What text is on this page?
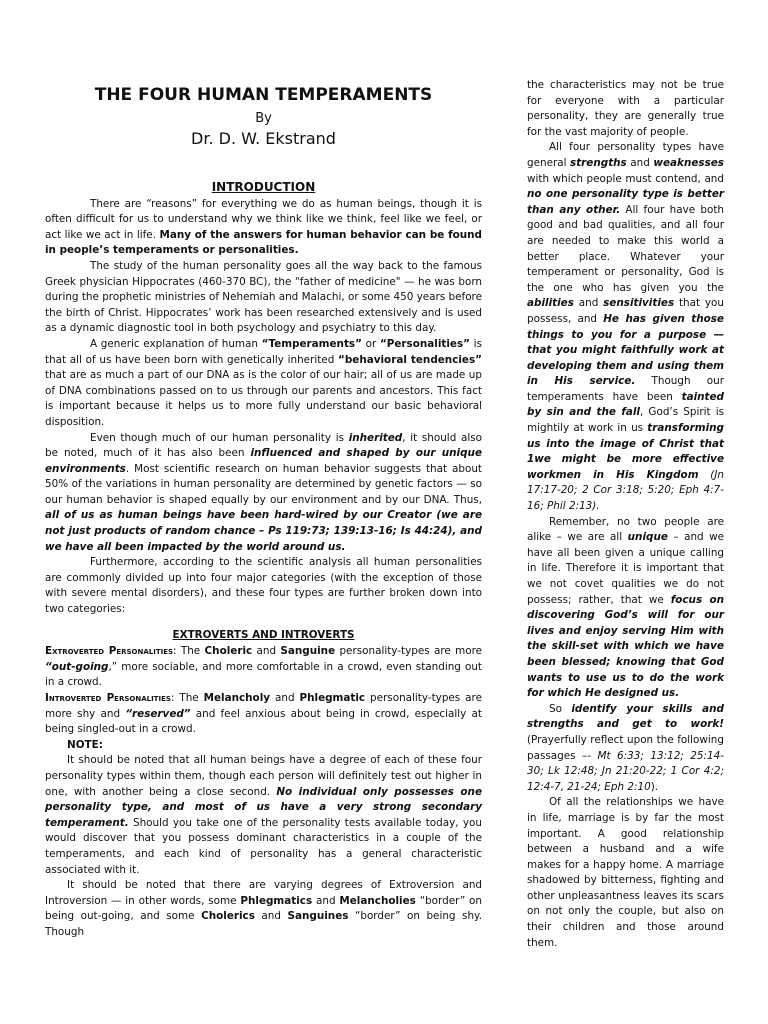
THE FOUR HUMAN TEMPERAMENTS
By
Dr. D. W. Ekstrand
INTRODUCTION

There are “reasons” for everything we do as human beings, though it is often difficult for us to understand why we think like we think, feel like we feel, or act like we act in life. Many of the answers for human behavior can be found in people’s temperaments or personalities.

The study of the human personality goes all the way back to the famous Greek physician Hippocrates (460-370 BC), the "father of medicine" — he was born during the prophetic ministries of Nehemiah and Malachi, or some 450 years before the birth of Christ. Hippocrates’ work has been researched extensively and is used as a dynamic diagnostic tool in both psychology and psychiatry to this day.

A generic explanation of human “Temperaments” or “Personalities” is that all of us have been born with genetically inherited “behavioral tendencies” that are as much a part of our DNA as is the color of our hair; all of us are made up of DNA combinations passed on to us through our parents and ancestors. This fact is important because it helps us to more fully understand our basic behavioral disposition.

Even though much of our human personality is inherited, it should also be noted, much of it has also been influenced and shaped by our unique environments. Most scientific research on human behavior suggests that about 50% of the variations in human personality are determined by genetic factors — so our human behavior is shaped equally by our environment and by our DNA. Thus, all of us as human beings have been hard-wired by our Creator (we are not just products of random chance – Ps 119:73; 139:13-16; Is 44:24), and we have all been impacted by the world around us.

Furthermore, according to the scientific analysis all human personalities are commonly divided up into four major categories (with the exception of those with severe mental disorders), and these four types are further broken down into two categories:

EXTROVERTS AND INTROVERTS

Extroverted Personalities: The Choleric and Sanguine personality-types are more “out-going,” more sociable, and more comfortable in a crowd, even standing out in a crowd.

Introverted Personalities: The Melancholy and Phlegmatic personality-types are more shy and “reserved” and feel anxious about being in crowd, especially at being singled-out in a crowd.

NOTE:

It should be noted that all human beings have a degree of each of these four personality types within them, though each person will definitely test out higher in one, with another being a close second. No individual only possesses one personality type, and most of us have a very strong secondary temperament. Should you take one of the personality tests available today, you would discover that you possess dominant characteristics in a couple of the temperaments, and each kind of personality has a general characteristic associated with it.

It should be noted that there are varying degrees of Extroversion and Introversion — in other words, some Phlegmatics and Melancholies “border” on being out-going, and some Cholerics and Sanguines “border” on being shy. Though

the characteristics may not be true for everyone with a particular personality, they are generally true for the vast majority of people.

All four personality types have general strengths and weaknesses with which people must contend, and no one personality type is better than any other. All four have both good and bad qualities, and all four are needed to make this world a better place. Whatever your temperament or personality, God is the one who has given you the abilities and sensitivities that you possess, and He has given those things to you for a purpose — that you might faithfully work at developing them and using them in His service. Though our temperaments have been tainted by sin and the fall, God’s Spirit is mightily at work in us transforming us into the image of Christ that 1we might be more effective workmen in His Kingdom (Jn 17:17-20; 2 Cor 3:18; 5:20; Eph 4:7-16; Phil 2:13).

Remember, no two people are alike – we are all unique – and we have all been given a unique calling in life. Therefore it is important that we not covet qualities we do not possess; rather, that we focus on discovering God’s will for our lives and enjoy serving Him with the skill-set with which we have been blessed; knowing that God wants to use us to do the work for which He designed us.

So identify your skills and strengths and get to work! (Prayerfully reflect upon the following passages –- Mt 6:33; 13:12; 25:14-30; Lk 12:48; Jn 21:20-22; 1 Cor 4:2; 12:4-7, 21-24; Eph 2:10).

Of all the relationships we have in life, marriage is by far the most important. A good relationship between a husband and a wife makes for a happy home. A marriage shadowed by bitterness, fighting and other unpleasantness leaves its scars on not only the couple, but also on their children and those around them.
